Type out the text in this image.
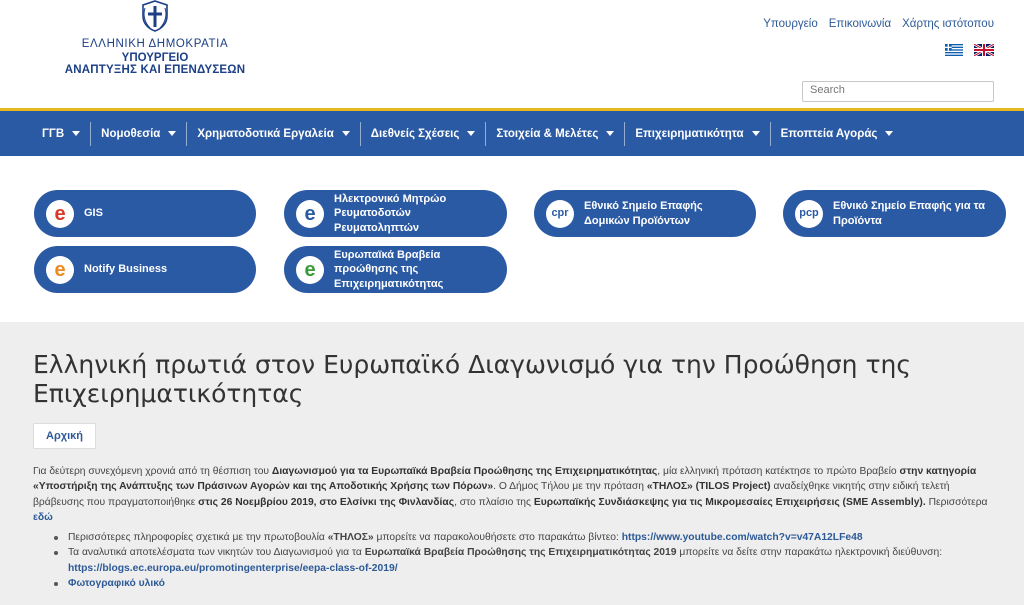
ΕΛΛΗΝΙΚΗ ΔΗΜΟΚΡΑΤΙΑ
ΥΠΟΥΡΓΕΙΟ
ΑΝΑΠΤΥΞΗΣ ΚΑΙ ΕΠΕΝΔΥΣΕΩΝ
Υπουργείο Επικοινωνία Χάρτης ιστότοπου
Search
ΓΓΒ	Νομοθεσία	Χρηματοδοτικά Εργαλεία	Διεθνείς Σχέσεις	Στοιχεία & Μελέτες	Επιχειρηματικότητα	Εποπτεία Αγοράς
e GIS	e
Ηλεκτρονικό Μητρώο Ρευματοδοτών Ρευματοληπτών
cpr
Εθνικό Σημείο Επαφής Δομικών Προϊόντων
pcp
Εθνικό Σημείο Επαφής για τα Προϊόντα
e Notify Business	e
Ευρωπαϊκά Βραβεία προώθησης της Επιχειρηματικότητας
Ελληνική πρωτιά στον Ευρωπαϊκό Διαγωνισμό για την Προώθηση της Επιχειρηματικότητας
Αρχική

Για δεύτερη συνεχόμενη χρονιά από τη θέσπιση του Διαγωνισμού για τα Ευρωπαϊκά Βραβεία Προώθησης της Επιχειρηματικότητας, μία ελληνική πρόταση κατέκτησε το πρώτο Βραβείο στην κατηγορία «Υποστήριξη της Ανάπτυξης των Πράσινων Αγορών και της Αποδοτικής Χρήσης των Πόρων». Ο Δήμος Τήλου με την πρόταση «ΤΗΛΟΣ» (TILOS Project) αναδείχθηκε νικητής στην ειδική τελετή βράβευσης που πραγματοποιήθηκε στις 26 Νοεμβρίου 2019, στο Ελσίνκι της Φινλανδίας, στο πλαίσιο της Ευρωπαϊκής Συνδιάσκεψης για τις Μικρομεσαίες Επιχειρήσεις (SME Assembly). Περισσότερα εδώ

Περισσότερες πληροφορίες σχετικά με την πρωτοβουλία «ΤΗΛΟΣ» μπορείτε να παρακολουθήσετε στο παρακάτω βίντεο: https://www.youtube.com/watch?v=v47A12LFe48
Τα αναλυτικά αποτελέσματα των νικητών του Διαγωνισμού για τα Ευρωπαϊκά Βραβεία Προώθησης της Επιχειρηματικότητας 2019 μπορείτε να δείτε στην παρακάτω ηλεκτρονική διεύθυνση: https://blogs.ec.europa.eu/promotingenterprise/eepa-class-of-2019/
Φωτογραφικό υλικό
